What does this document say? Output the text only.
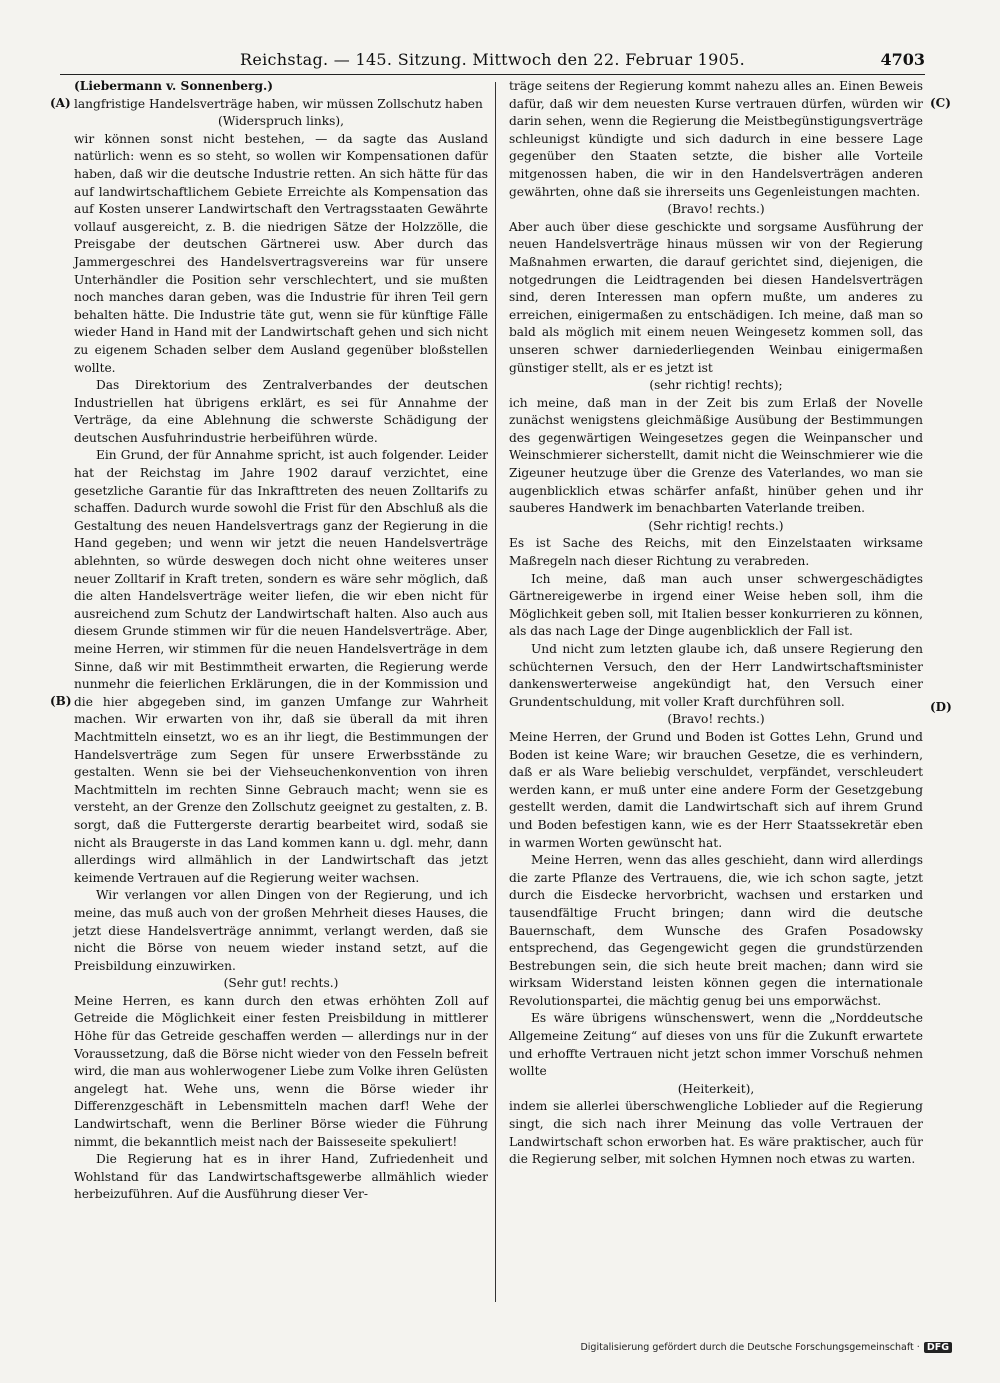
Reichstag. — 145. Sitzung. Mittwoch den 22. Februar 1905.	4703
(A)
(B)
(C)
(D)

(Liebermann v. Sonnenberg.)

langfristige Handelsverträge haben, wir müssen Zollschutz haben

(Widerspruch links),

wir können sonst nicht bestehen, — da sagte das Ausland natürlich: wenn es so steht, so wollen wir Kompensationen dafür haben, daß wir die deutsche Industrie retten. An sich hätte für das auf landwirtschaftlichem Gebiete Erreichte als Kompensation das auf Kosten unserer Landwirtschaft den Vertragsstaaten Gewährte vollauf ausgereicht, z. B. die niedrigen Sätze der Holzzölle, die Preisgabe der deutschen Gärtnerei usw. Aber durch das Jammergeschrei des Handelsvertragsvereins war für unsere Unterhändler die Position sehr verschlechtert, und sie mußten noch manches daran geben, was die Industrie für ihren Teil gern behalten hätte. Die Industrie täte gut, wenn sie für künftige Fälle wieder Hand in Hand mit der Landwirtschaft gehen und sich nicht zu eigenem Schaden selber dem Ausland gegenüber bloßstellen wollte.

Das Direktorium des Zentralverbandes der deutschen Industriellen hat übrigens erklärt, es sei für Annahme der Verträge, da eine Ablehnung die schwerste Schädigung der deutschen Ausfuhrindustrie herbeiführen würde.

Ein Grund, der für Annahme spricht, ist auch folgender. Leider hat der Reichstag im Jahre 1902 darauf verzichtet, eine gesetzliche Garantie für das Inkrafttreten des neuen Zolltarifs zu schaffen. Dadurch wurde sowohl die Frist für den Abschluß als die Gestaltung des neuen Handelsvertrags ganz der Regierung in die Hand gegeben; und wenn wir jetzt die neuen Handelsverträge ablehnten, so würde deswegen doch nicht ohne weiteres unser neuer Zolltarif in Kraft treten, sondern es wäre sehr möglich, daß die alten Handelsverträge weiter liefen, die wir eben nicht für ausreichend zum Schutz der Landwirtschaft halten. Also auch aus diesem Grunde stimmen wir für die neuen Handelsverträge. Aber, meine Herren, wir stimmen für die neuen Handelsverträge in dem Sinne, daß wir mit Bestimmtheit erwarten, die Regierung werde nunmehr die feierlichen Erklärungen, die in der Kommission und die hier abgegeben sind, im ganzen Umfange zur Wahrheit machen. Wir erwarten von ihr, daß sie überall da mit ihren Machtmitteln einsetzt, wo es an ihr liegt, die Bestimmungen der Handelsverträge zum Segen für unsere Erwerbsstände zu gestalten. Wenn sie bei der Viehseuchenkonvention von ihren Machtmitteln im rechten Sinne Gebrauch macht; wenn sie es versteht, an der Grenze den Zollschutz geeignet zu gestalten, z. B. sorgt, daß die Futtergerste derartig bearbeitet wird, sodaß sie nicht als Braugerste in das Land kommen kann u. dgl. mehr, dann allerdings wird allmählich in der Landwirtschaft das jetzt keimende Vertrauen auf die Regierung weiter wachsen.

Wir verlangen vor allen Dingen von der Regierung, und ich meine, das muß auch von der großen Mehrheit dieses Hauses, die jetzt diese Handelsverträge annimmt, verlangt werden, daß sie nicht die Börse von neuem wieder instand setzt, auf die Preisbildung einzuwirken.

(Sehr gut! rechts.)

Meine Herren, es kann durch den etwas erhöhten Zoll auf Getreide die Möglichkeit einer festen Preisbildung in mittlerer Höhe für das Getreide geschaffen werden — allerdings nur in der Voraussetzung, daß die Börse nicht wieder von den Fesseln befreit wird, die man aus wohlerwogener Liebe zum Volke ihren Gelüsten angelegt hat. Wehe uns, wenn die Börse wieder ihr Differenzgeschäft in Lebensmitteln machen darf! Wehe der Landwirtschaft, wenn die Berliner Börse wieder die Führung nimmt, die bekanntlich meist nach der Baisseseite spekuliert!

Die Regierung hat es in ihrer Hand, Zufriedenheit und Wohlstand für das Landwirtschaftsgewerbe allmählich wieder herbeizuführen. Auf die Ausführung dieser Ver-

träge seitens der Regierung kommt nahezu alles an. Einen Beweis dafür, daß wir dem neuesten Kurse vertrauen dürfen, würden wir darin sehen, wenn die Regierung die Meistbegünstigungsverträge schleunigst kündigte und sich dadurch in eine bessere Lage gegenüber den Staaten setzte, die bisher alle Vorteile mitgenossen haben, die wir in den Handelsverträgen anderen gewährten, ohne daß sie ihrerseits uns Gegenleistungen machten.

(Bravo! rechts.)

Aber auch über diese geschickte und sorgsame Ausführung der neuen Handelsverträge hinaus müssen wir von der Regierung Maßnahmen erwarten, die darauf gerichtet sind, diejenigen, die notgedrungen die Leidtragenden bei diesen Handelsverträgen sind, deren Interessen man opfern mußte, um anderes zu erreichen, einigermaßen zu entschädigen. Ich meine, daß man so bald als möglich mit einem neuen Weingesetz kommen soll, das unseren schwer darniederliegenden Weinbau einigermaßen günstiger stellt, als er es jetzt ist

(sehr richtig! rechts);

ich meine, daß man in der Zeit bis zum Erlaß der Novelle zunächst wenigstens gleichmäßige Ausübung der Bestimmungen des gegenwärtigen Weingesetzes gegen die Weinpanscher und Weinschmierer sicherstellt, damit nicht die Weinschmierer wie die Zigeuner heutzuge über die Grenze des Vaterlandes, wo man sie augenblicklich etwas schärfer anfaßt, hinüber gehen und ihr sauberes Handwerk im benachbarten Vaterlande treiben.

(Sehr richtig! rechts.)

Es ist Sache des Reichs, mit den Einzelstaaten wirksame Maßregeln nach dieser Richtung zu verabreden.

Ich meine, daß man auch unser schwergeschädigtes Gärtnereigewerbe in irgend einer Weise heben soll, ihm die Möglichkeit geben soll, mit Italien besser konkurrieren zu können, als das nach Lage der Dinge augenblicklich der Fall ist.

Und nicht zum letzten glaube ich, daß unsere Regierung den schüchternen Versuch, den der Herr Landwirtschaftsminister dankenswerterweise angekündigt hat, den Versuch einer Grundentschuldung, mit voller Kraft durchführen soll.

(Bravo! rechts.)

Meine Herren, der Grund und Boden ist Gottes Lehn, Grund und Boden ist keine Ware; wir brauchen Gesetze, die es verhindern, daß er als Ware beliebig verschuldet, verpfändet, verschleudert werden kann, er muß unter eine andere Form der Gesetzgebung gestellt werden, damit die Landwirtschaft sich auf ihrem Grund und Boden befestigen kann, wie es der Herr Staatssekretär eben in warmen Worten gewünscht hat.

Meine Herren, wenn das alles geschieht, dann wird allerdings die zarte Pflanze des Vertrauens, die, wie ich schon sagte, jetzt durch die Eisdecke hervorbricht, wachsen und erstarken und tausendfältige Frucht bringen; dann wird die deutsche Bauernschaft, dem Wunsche des Grafen Posadowsky entsprechend, das Gegengewicht gegen die grundstürzenden Bestrebungen sein, die sich heute breit machen; dann wird sie wirksam Widerstand leisten können gegen die internationale Revolutionspartei, die mächtig genug bei uns emporwächst.

Es wäre übrigens wünschenswert, wenn die „Norddeutsche Allgemeine Zeitung“ auf dieses von uns für die Zukunft erwartete und erhoffte Vertrauen nicht jetzt schon immer Vorschuß nehmen wollte

(Heiterkeit),

indem sie allerlei überschwengliche Loblieder auf die Regierung singt, die sich nach ihrer Meinung das volle Vertrauen der Landwirtschaft schon erworben hat. Es wäre praktischer, auch für die Regierung selber, mit solchen Hymnen noch etwas zu warten.

Digitalisierung gefördert durch die Deutsche Forschungsgemeinschaft · DFG
